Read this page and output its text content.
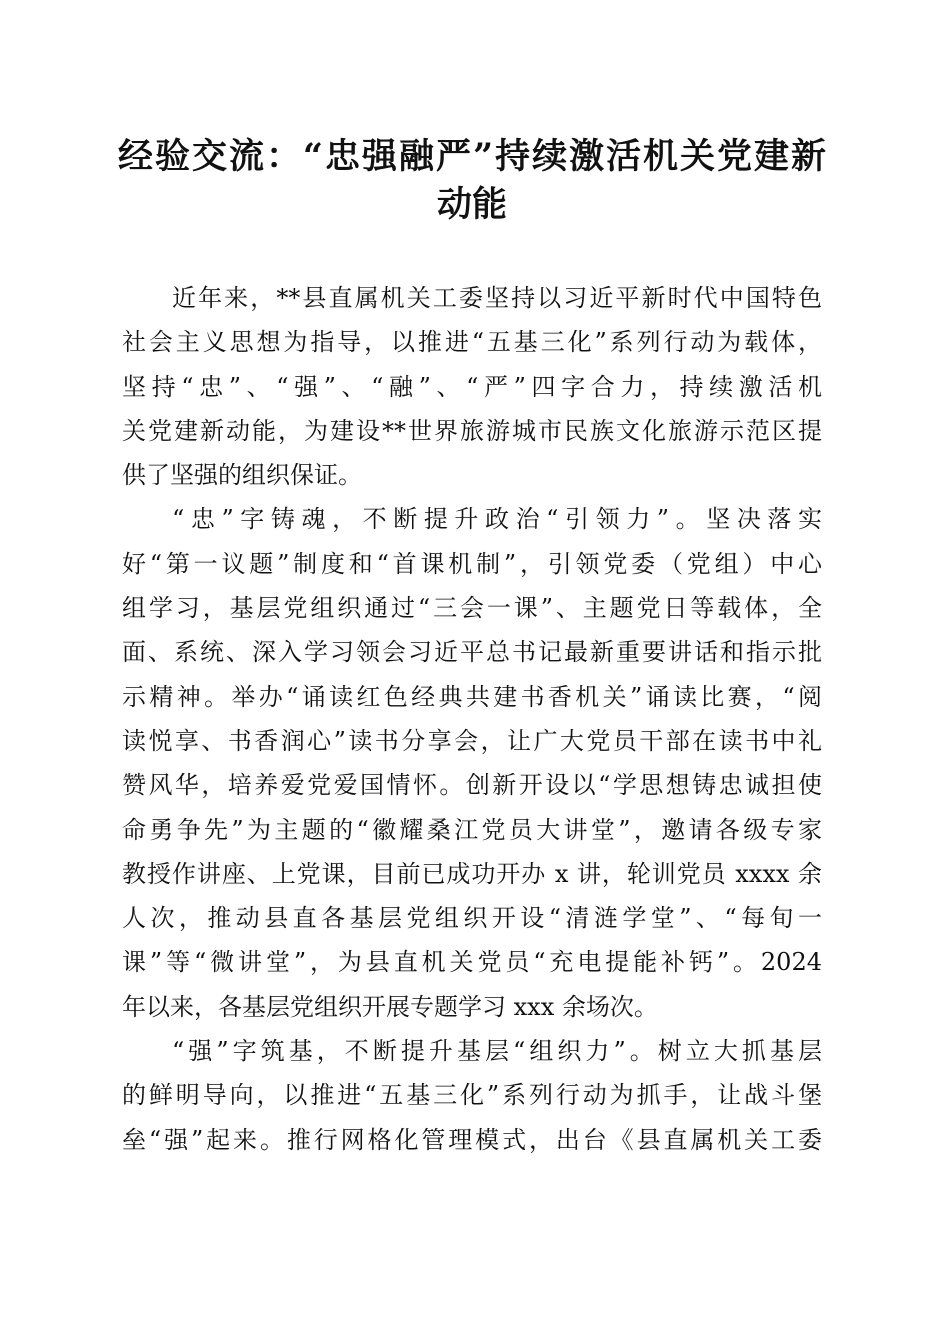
经验交流：“忠强融严”持续激活机关党建新
动能
近年来，**县直属机关工委坚持以习近平新时代中国特色
社会主义思想为指导，以推进“五基三化”系列行动为载体，
坚持“忠”、“强”、“融”、“严”四字合力，持续激活机
关党建新动能，为建设**世界旅游城市民族文化旅游示范区提
供了坚强的组织保证。
“忠”字铸魂，不断提升政治“引领力”。坚决落实
好“第一议题”制度和“首课机制”，引领党委（党组）中心
组学习，基层党组织通过“三会一课”、主题党日等载体，全
面、系统、深入学习领会习近平总书记最新重要讲话和指示批
示精神。举办“诵读红色经典共建书香机关”诵读比赛，“阅
读悦享、书香润心”读书分享会，让广大党员干部在读书中礼
赞风华，培养爱党爱国情怀。创新开设以“学思想铸忠诚担使
命勇争先”为主题的“徽耀桑江党员大讲堂”，邀请各级专家
教授作讲座、上党课，目前已成功开办 x 讲，轮训党员 xxxx 余
人次，推动县直各基层党组织开设“清涟学堂”、“每旬一
课”等“微讲堂”，为县直机关党员“充电提能补钙”。2024
年以来，各基层党组织开展专题学习 xxx 余场次。
“强”字筑基，不断提升基层“组织力”。树立大抓基层
的鲜明导向，以推进“五基三化”系列行动为抓手，让战斗堡
垒“强”起来。推行网格化管理模式，出台《县直属机关工委
